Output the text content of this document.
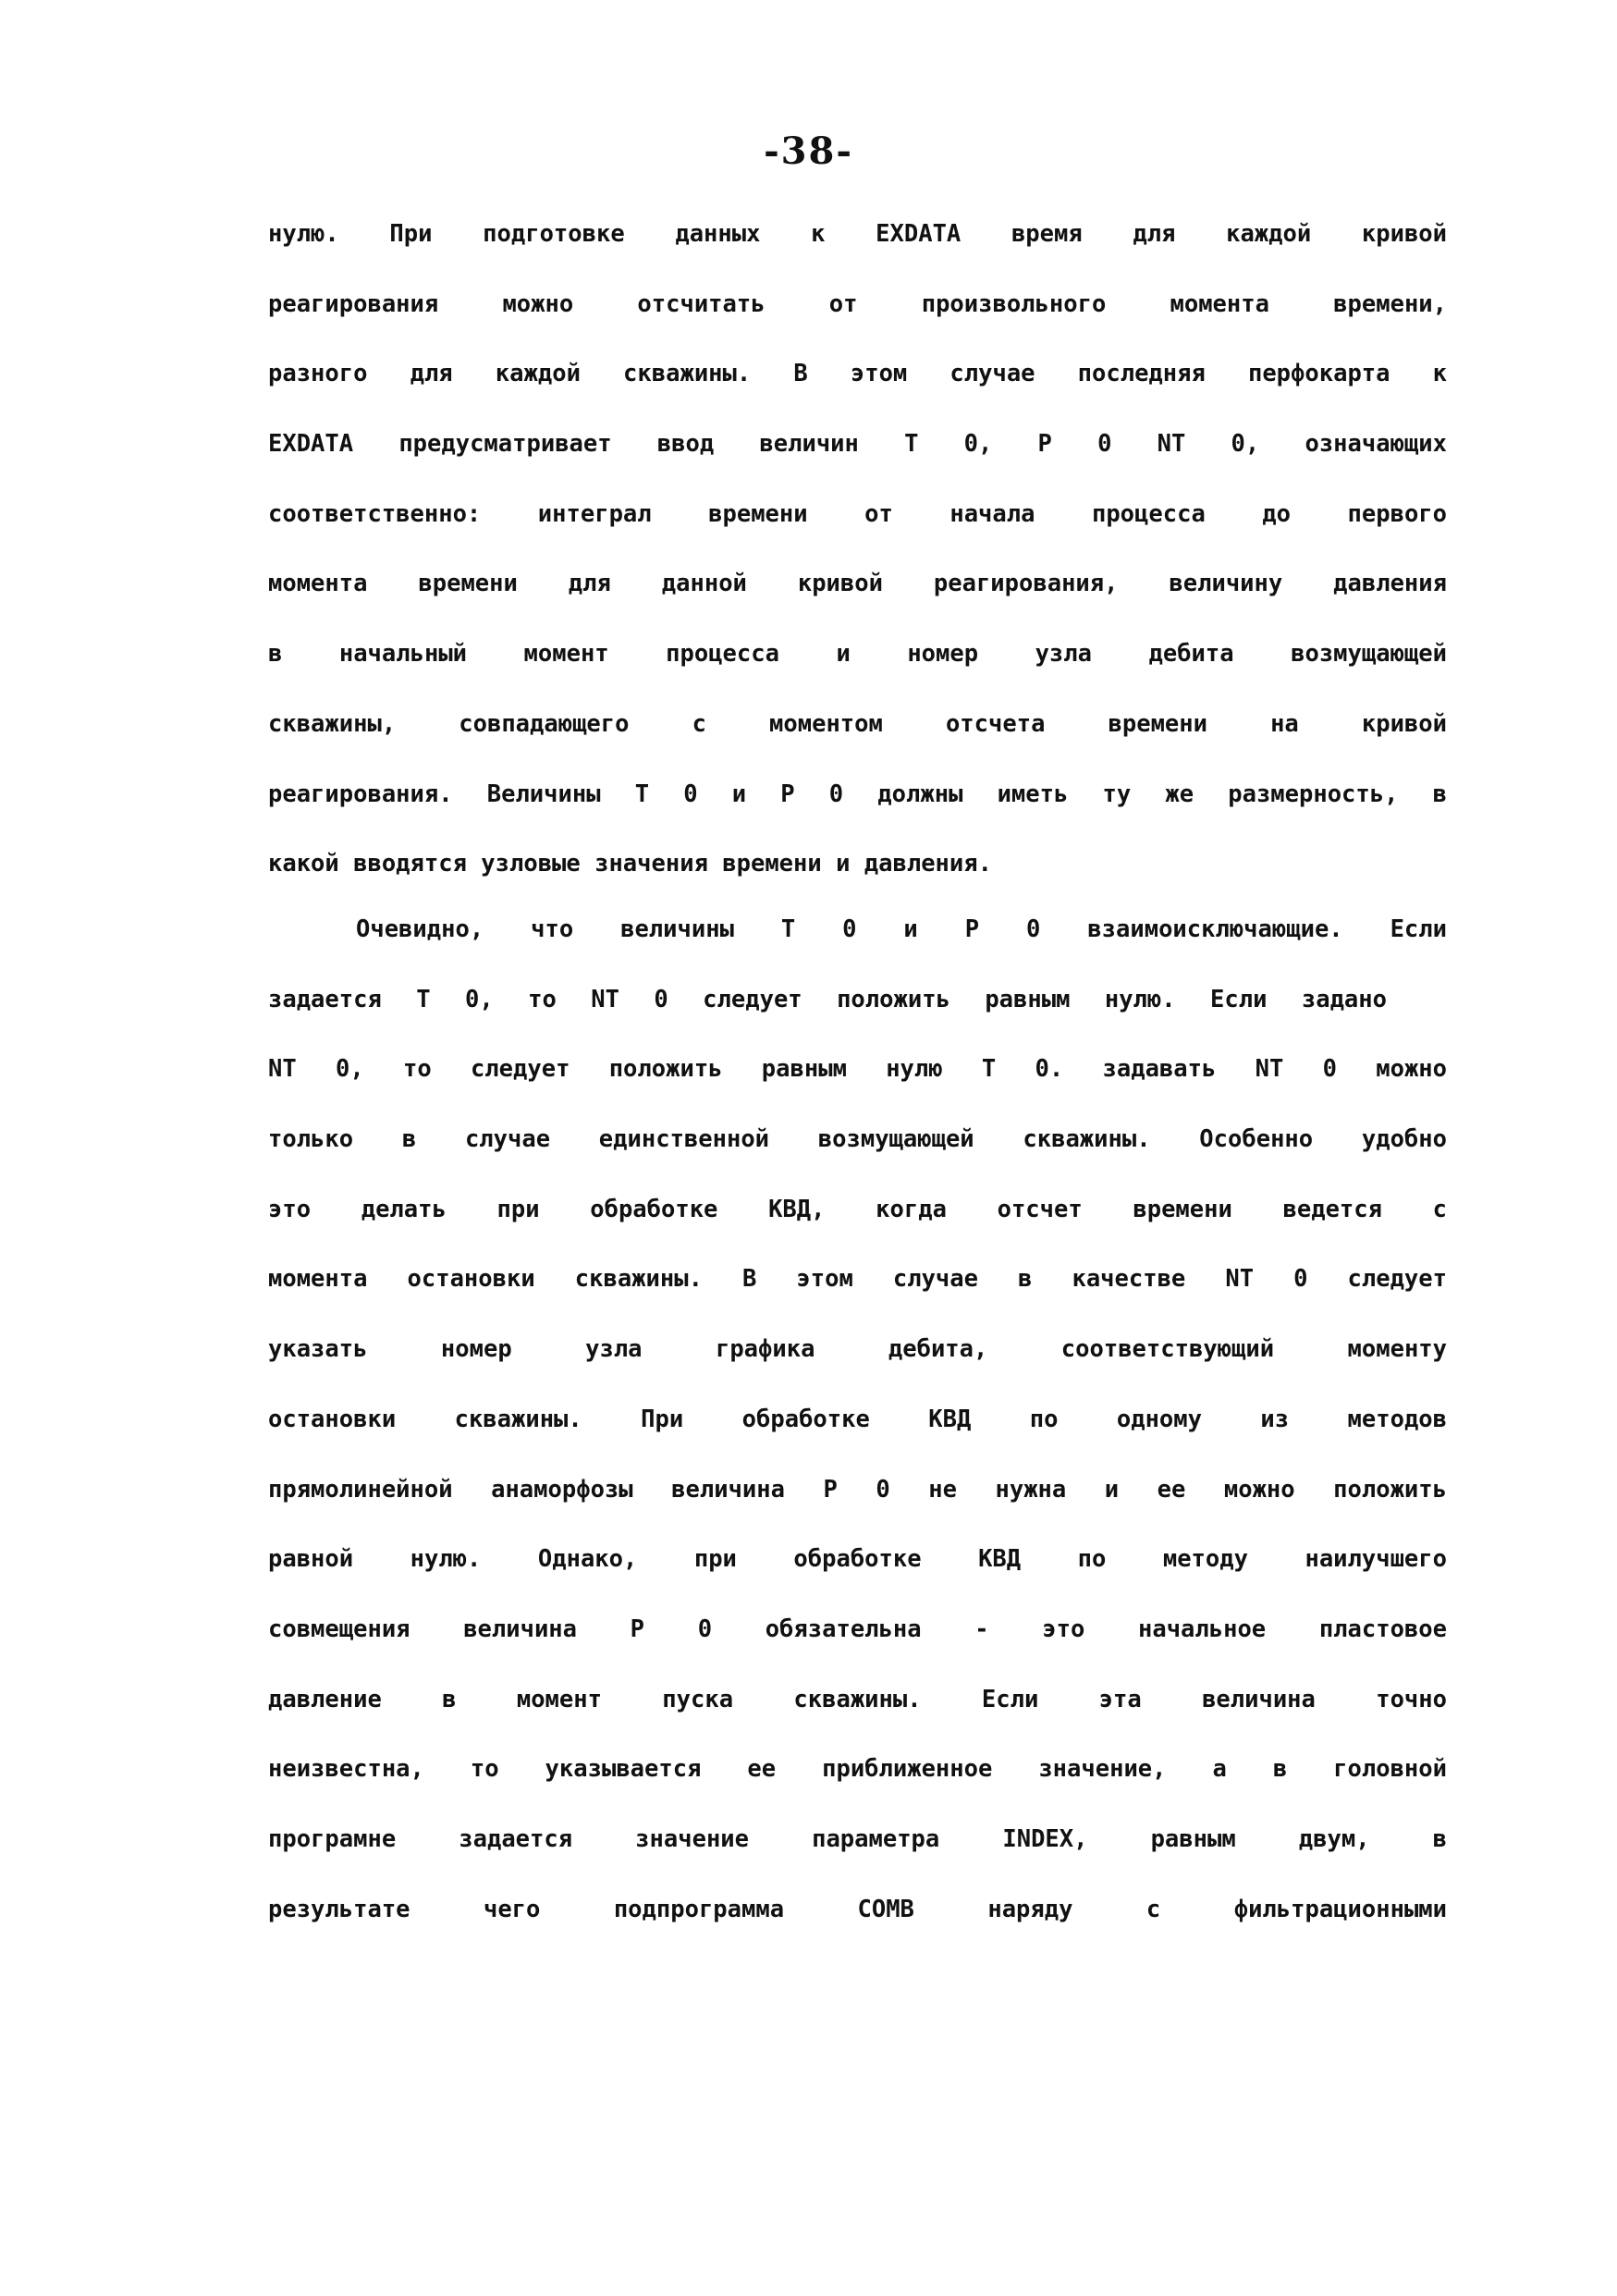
-38-
нулю. При подготовке данных к EXDATA время для каждой кривой
реагирования можно отсчитать от произвольного момента времени,
разного для каждой скважины. В этом случае последняя перфокарта к
EXDATA предусматривает ввод величин Т 0, Р 0 NT 0, означающих
соответственно: интеграл времени от начала процесса до первого
момента времени для данной кривой реагирования, величину давления
в начальный момент процесса и номер узла дебита возмущающей
скважины, совпадающего с моментом отсчета времени на кривой
реагирования. Величины Т 0 и Р 0 должны иметь ту же размерность, в
какой вводятся узловые значения времени и давления.
Очевидно, что величины Т 0 и Р 0 взаимоисключающие. Если
задается Т 0, то NT 0 следует положить равным нулю. Если задано
NT 0, то следует положить равным нулю Т 0. задавать NT 0 можно
только в случае единственной возмущающей скважины. Особенно удобно
это делать при обработке КВД, когда отсчет времени ведется с
момента остановки скважины. В этом случае в качестве NT 0 следует
указать номер узла графика дебита, соответствующий моменту
остановки скважины. При обработке КВД по одному из методов
прямолинейной анаморфозы величина Р 0 не нужна и ее можно положить
равной нулю. Однако, при обработке КВД по методу наилучшего
совмещения величина Р 0 обязательна - это начальное пластовое
давление в момент пуска скважины. Если эта величина точно
неизвестна, то указывается ее приближенное значение, а в головной
програмне задается значение параметра INDEX, равным двум, в
результате чего подпрограмма СОМВ наряду с фильтрационными
